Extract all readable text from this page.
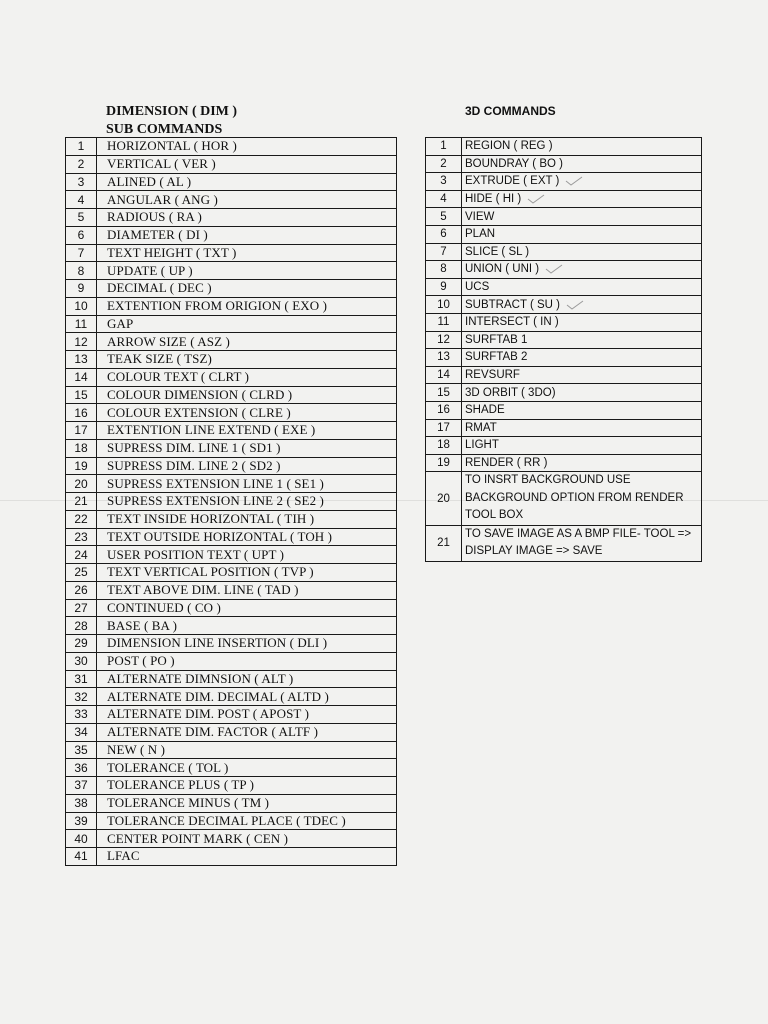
DIMENSION ( DIM )
SUB COMMANDS
3D COMMANDS
1	HORIZONTAL ( HOR )
2	VERTICAL ( VER )
3	ALINED ( AL )
4	ANGULAR ( ANG )
5	RADIOUS ( RA )
6	DIAMETER ( DI )
7	TEXT HEIGHT ( TXT )
8	UPDATE ( UP )
9	DECIMAL ( DEC )
10	EXTENTION FROM ORIGION ( EXO )
11	GAP
12	ARROW SIZE ( ASZ )
13	TEAK SIZE ( TSZ)
14	COLOUR TEXT ( CLRT )
15	COLOUR DIMENSION ( CLRD )
16	COLOUR EXTENSION ( CLRE )
17	EXTENTION LINE EXTEND ( EXE )
18	SUPRESS DIM. LINE 1 ( SD1 )
19	SUPRESS DIM. LINE 2 ( SD2 )
20	SUPRESS EXTENSION LINE 1 ( SE1 )
21	SUPRESS EXTENSION LINE 2 ( SE2 )
22	TEXT INSIDE HORIZONTAL ( TIH )
23	TEXT OUTSIDE HORIZONTAL ( TOH )
24	USER POSITION TEXT ( UPT )
25	TEXT VERTICAL POSITION ( TVP )
26	TEXT ABOVE DIM. LINE ( TAD )
27	CONTINUED ( CO )
28	BASE ( BA )
29	DIMENSION LINE INSERTION ( DLI )
30	POST ( PO )
31	ALTERNATE DIMNSION ( ALT )
32	ALTERNATE DIM. DECIMAL ( ALTD )
33	ALTERNATE DIM. POST ( APOST )
34	ALTERNATE DIM. FACTOR ( ALTF )
35	NEW ( N )
36	TOLERANCE ( TOL )
37	TOLERANCE PLUS ( TP )
38	TOLERANCE MINUS ( TM )
39	TOLERANCE DECIMAL PLACE ( TDEC )
40	CENTER POINT MARK ( CEN )
41	LFAC
1	REGION ( REG )
2	BOUNDRAY ( BO )
3	EXTRUDE ( EXT )
4	HIDE ( HI )
5	VIEW
6	PLAN
7	SLICE ( SL )
8	UNION ( UNI )
9	UCS
10	SUBTRACT ( SU )
11	INTERSECT ( IN )
12	SURFTAB 1
13	SURFTAB 2
14	REVSURF
15	3D ORBIT ( 3DO)
16	SHADE
17	RMAT
18	LIGHT
19	RENDER ( RR )
20	TO INSRT BACKGROUND USE BACKGROUND OPTION FROM RENDER TOOL BOX
21	TO SAVE IMAGE AS A BMP FILE- TOOL => DISPLAY IMAGE => SAVE
